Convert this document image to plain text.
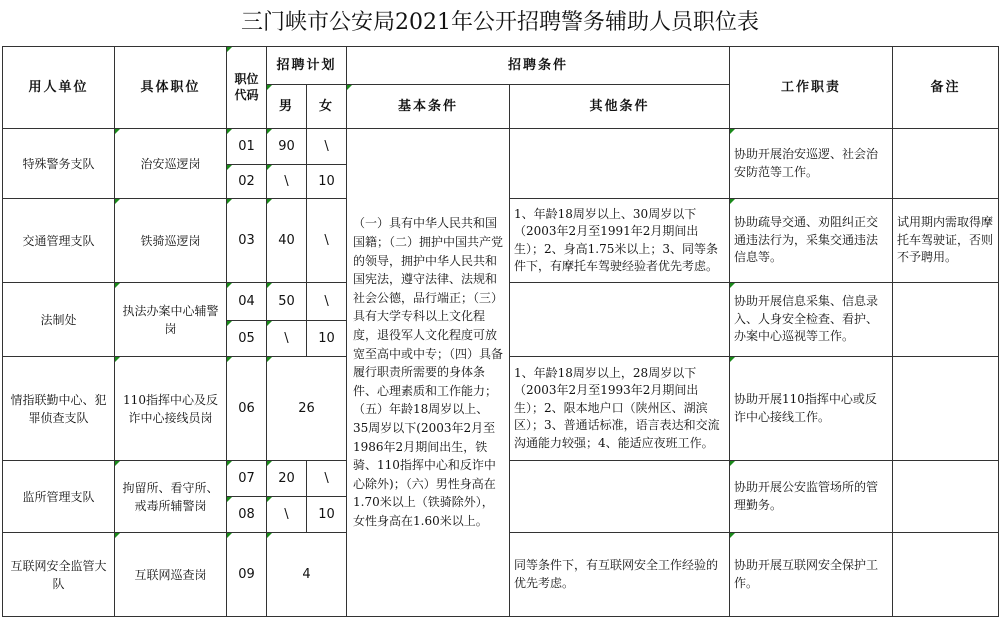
三门峡市公安局2021年公开招聘警务辅助人员职位表
用人单位	具体职位	职位代码	招聘计划		招聘条件		工作职责	备注
			男	女	基本条件	其他条件		
特殊警务支队	治安巡逻岗	01	90	\	（一）具有中华人民共和国国籍；（二）拥护中国共产党的领导，拥护中华人民共和国宪法，遵守法律、法规和社会公德，品行端正；（三）具有大学专科以上文化程度，退役军人文化程度可放宽至高中或中专；（四）具备履行职责所需要的身体条件、心理素质和工作能力；（五）年龄18周岁以上、35周岁以下(2003年2月至1986年2月期间出生，铁骑、110指挥中心和反诈中心除外)；（六）男性身高在1.70米以上（铁骑除外），女性身高在1.60米以上。		协助开展治安巡逻、社会治安防范等工作。	
		02	\	10				
交通管理支队	铁骑巡逻岗	03	40	\		1、年龄18周岁以上、30周岁以下（2003年2月至1991年2月期间出生）；2、身高1.75米以上；3、同等条件下，有摩托车驾驶经验者优先考虑。	协助疏导交通、劝阻纠正交通违法行为，采集交通违法信息等。	试用期内需取得摩托车驾驶证，否则不予聘用。
法制处	执法办案中心辅警岗	04	50	\			协助开展信息采集、信息录入、人身安全检查、看护、办案中心巡视等工作。	
		05	\	10				
情指联勤中心、犯罪侦查支队	110指挥中心及反诈中心接线员岗	06	26			1、年龄18周岁以上，28周岁以下（2003年2月至1993年2月期间出生）；2、限本地户口（陕州区、湖滨区）；3、普通话标准，语言表达和交流沟通能力较强；4、能适应夜班工作。	协助开展110指挥中心或反诈中心接线工作。	
监所管理支队	拘留所、看守所、戒毒所辅警岗	07	20	\			协助开展公安监管场所的管理勤务。	
		08	\	10				
互联网安全监管大队	互联网巡查岗	09	4			同等条件下，有互联网安全工作经验的优先考虑。	协助开展互联网安全保护工作。	
